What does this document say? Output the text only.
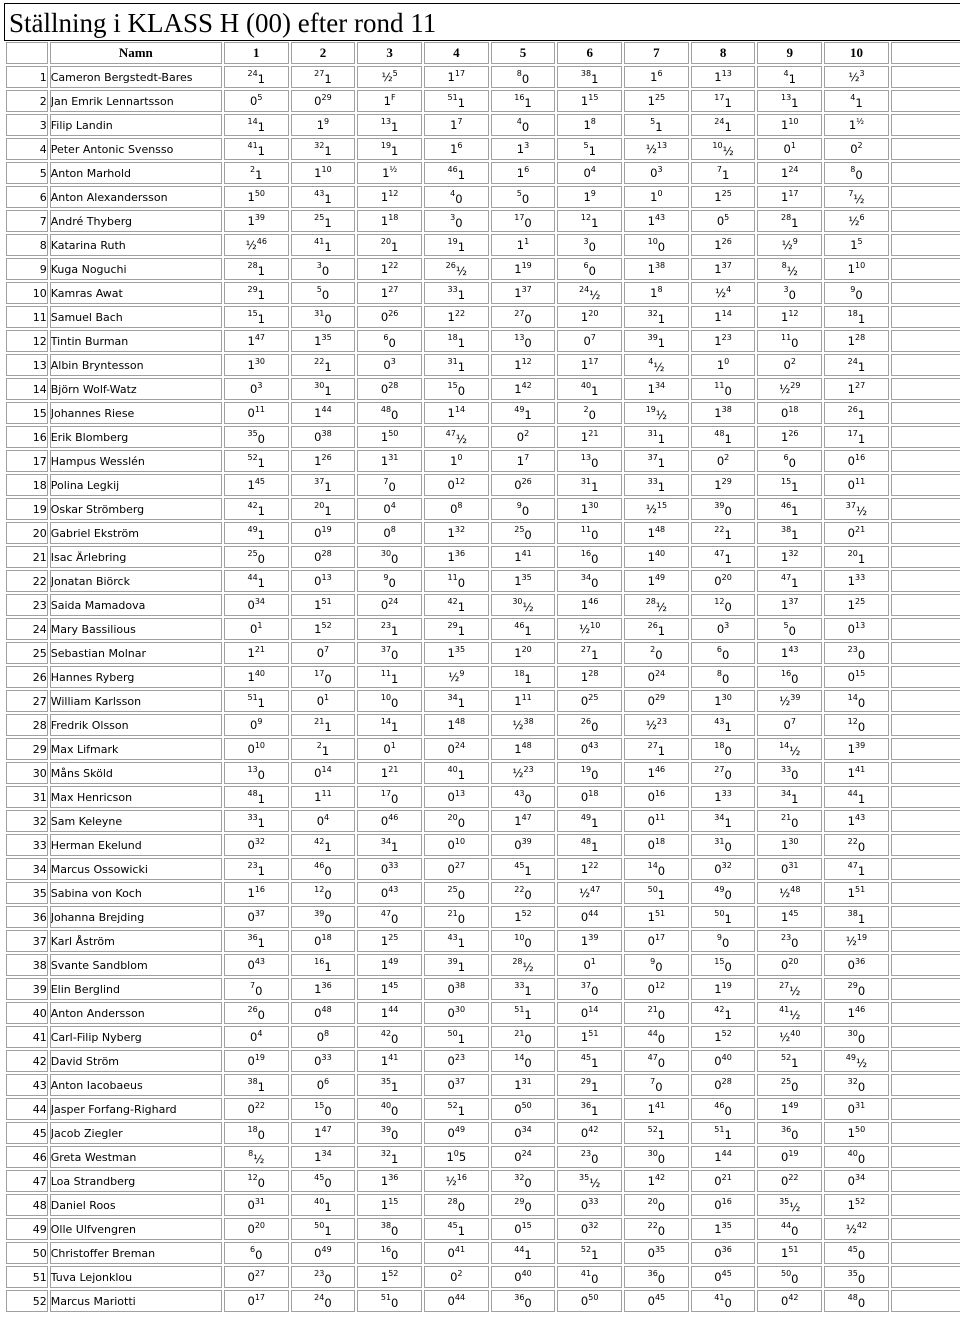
Ställning i KLASS H (00) efter rond 11
	Namn	1	2	3	4	5	6	7	8	9	10	
1	Cameron Bergstedt-Bares	$^{24}_1$	$^{27}_1$	½$^5$	$1^{17}$	$^8_0$	$^{38}_1$	$1^6$	$1^{13}$	$^4_1$	½$^3$	
2	Jan Emrik Lennartsson	$0^5$	$0^{29}$	$1^F$	$^{51}_1$	$^{16}_1$	$1^{15}$	$1^{25}$	$^{17}_1$	$^{13}_1$	$^4_1$	
3	Filip Landin	$^{14}_1$	$1^9$	$^{13}_1$	$1^7$	$^4_0$	$1^8$	$^5_1$	$^{24}_1$	$1^{10}$	$1^{\frac{1}{2}}$	
4	Peter Antonic Svensso	$^{41}_1$	$^{32}_1$	$^{19}_1$	$1^6$	$1^3$	$^5_1$	½$^{13}$	$^{10}_{\frac{1}{2}}$	$0^1$	$0^2$	
5	Anton Marhold	$^2_1$	$1^{10}$	$1^{\frac{1}{2}}$	$^{46}_1$	$1^6$	$0^4$	$0^3$	$^7_1$	$1^{24}$	$^8_0$	
6	Anton Alexandersson	$1^{50}$	$^{43}_1$	$1^{12}$	$^4_0$	$^5_0$	$1^9$	$1^0$	$1^{25}$	$1^{17}$	$^7_{\frac{1}{2}}$	
7	André Thyberg	$1^{39}$	$^{25}_1$	$1^{18}$	$^3_0$	$^{17}_0$	$^{12}_1$	$1^{43}$	$0^5$	$^{28}_1$	½$^6$	
8	Katarina Ruth	½$^{46}$	$^{41}_1$	$^{20}_1$	$^{19}_1$	$1^1$	$^3_0$	$^{10}_0$	$1^{26}$	½$^9$	$1^5$	
9	Kuga Noguchi	$^{28}_1$	$^3_0$	$1^{22}$	$^{26}_{\frac{1}{2}}$	$1^{19}$	$^6_0$	$1^{38}$	$1^{37}$	$^8_{\frac{1}{2}}$	$1^{10}$	
10	Kamras Awat	$^{29}_1$	$^5_0$	$1^{27}$	$^{33}_1$	$1^{37}$	$^{24}_{\frac{1}{2}}$	$1^8$	½$^4$	$^3_0$	$^9_0$	
11	Samuel Bach	$^{15}_1$	$^{31}_0$	$0^{26}$	$1^{22}$	$^{27}_0$	$1^{20}$	$^{32}_1$	$1^{14}$	$1^{12}$	$^{18}_1$	
12	Tintin Burman	$1^{47}$	$1^{35}$	$^6_0$	$^{18}_1$	$^{13}_0$	$0^7$	$^{39}_1$	$1^{23}$	$^{11}_0$	$1^{28}$	
13	Albin Bryntesson	$1^{30}$	$^{22}_1$	$0^3$	$^{31}_1$	$1^{12}$	$1^{17}$	$^4_{\frac{1}{2}}$	$1^0$	$0^2$	$^{24}_1$	
14	Björn Wolf-Watz	$0^3$	$^{30}_1$	$0^{28}$	$^{15}_0$	$1^{42}$	$^{40}_1$	$1^{34}$	$^{11}_0$	½$^{29}$	$1^{27}$	
15	Johannes Riese	$0^{11}$	$1^{44}$	$^{48}_0$	$1^{14}$	$^{49}_1$	$^2_0$	$^{19}_{\frac{1}{2}}$	$1^{38}$	$0^{18}$	$^{26}_1$	
16	Erik Blomberg	$^{35}_0$	$0^{38}$	$1^{50}$	$^{47}_{\frac{1}{2}}$	$0^2$	$1^{21}$	$^{31}_1$	$^{48}_1$	$1^{26}$	$^{17}_1$	
17	Hampus Wesslén	$^{52}_1$	$1^{26}$	$1^{31}$	$1^0$	$1^7$	$^{13}_0$	$^{37}_1$	$0^2$	$^6_0$	$0^{16}$	
18	Polina Legkij	$1^{45}$	$^{37}_1$	$^7_0$	$0^{12}$	$0^{26}$	$^{31}_1$	$^{33}_1$	$1^{29}$	$^{15}_1$	$0^{11}$	
19	Oskar Strömberg	$^{42}_1$	$^{20}_1$	$0^4$	$0^8$	$^9_0$	$1^{30}$	½$^{15}$	$^{39}_0$	$^{46}_1$	$^{37}_{\frac{1}{2}}$	
20	Gabriel Ekström	$^{49}_1$	$0^{19}$	$0^8$	$1^{32}$	$^{25}_0$	$^{11}_0$	$1^{48}$	$^{22}_1$	$^{38}_1$	$0^{21}$	
21	Isac Ärlebring	$^{25}_0$	$0^{28}$	$^{30}_0$	$1^{36}$	$1^{41}$	$^{16}_0$	$1^{40}$	$^{47}_1$	$1^{32}$	$^{20}_1$	
22	Jonatan Biörck	$^{44}_1$	$0^{13}$	$^9_0$	$^{11}_0$	$1^{35}$	$^{34}_0$	$1^{49}$	$0^{20}$	$^{47}_1$	$1^{33}$	
23	Saida Mamadova	$0^{34}$	$1^{51}$	$0^{24}$	$^{42}_1$	$^{30}_{\frac{1}{2}}$	$1^{46}$	$^{28}_{\frac{1}{2}}$	$^{12}_0$	$1^{37}$	$1^{25}$	
24	Mary Bassilious	$0^1$	$1^{52}$	$^{23}_1$	$^{29}_1$	$^{46}_1$	½$^{10}$	$^{26}_1$	$0^3$	$^5_0$	$0^{13}$	
25	Sebastian Molnar	$1^{21}$	$0^7$	$^{37}_0$	$1^{35}$	$1^{20}$	$^{27}_1$	$^2_0$	$^6_0$	$1^{43}$	$^{23}_0$	
26	Hannes Ryberg	$1^{40}$	$^{17}_0$	$^{11}_1$	½$^9$	$^{18}_1$	$1^{28}$	$0^{24}$	$^8_0$	$^{16}_0$	$0^{15}$	
27	William Karlsson	$^{51}_1$	$0^1$	$^{10}_0$	$^{34}_1$	$1^{11}$	$0^{25}$	$0^{29}$	$1^{30}$	½$^{39}$	$^{14}_0$	
28	Fredrik Olsson	$0^9$	$^{21}_1$	$^{14}_1$	$1^{48}$	½$^{38}$	$^{26}_0$	½$^{23}$	$^{43}_1$	$0^7$	$^{12}_0$	
29	Max Lifmark	$0^{10}$	$^2_1$	$0^1$	$0^{24}$	$1^{48}$	$0^{43}$	$^{27}_1$	$^{18}_0$	$^{14}_{\frac{1}{2}}$	$1^{39}$	
30	Måns Sköld	$^{13}_0$	$0^{14}$	$1^{21}$	$^{40}_1$	½$^{23}$	$^{19}_0$	$1^{46}$	$^{27}_0$	$^{33}_0$	$1^{41}$	
31	Max Henricson	$^{48}_1$	$1^{11}$	$^{17}_0$	$0^{13}$	$^{43}_0$	$0^{18}$	$0^{16}$	$1^{33}$	$^{34}_1$	$^{44}_1$	
32	Sam Keleyne	$^{33}_1$	$0^4$	$0^{46}$	$^{20}_0$	$1^{47}$	$^{49}_1$	$0^{11}$	$^{34}_1$	$^{21}_0$	$1^{43}$	
33	Herman Ekelund	$0^{32}$	$^{42}_1$	$^{34}_1$	$0^{10}$	$0^{39}$	$^{48}_1$	$0^{18}$	$^{31}_0$	$1^{30}$	$^{22}_0$	
34	Marcus Ossowicki	$^{23}_1$	$^{46}_0$	$0^{33}$	$0^{27}$	$^{45}_1$	$1^{22}$	$^{14}_0$	$0^{32}$	$0^{31}$	$^{47}_1$	
35	Sabina von Koch	$1^{16}$	$^{12}_0$	$0^{43}$	$^{25}_0$	$^{22}_0$	½$^{47}$	$^{50}_1$	$^{49}_0$	½$^{48}$	$1^{51}$	
36	Johanna Brejding	$0^{37}$	$^{39}_0$	$^{47}_0$	$^{21}_0$	$1^{52}$	$0^{44}$	$1^{51}$	$^{50}_1$	$1^{45}$	$^{38}_1$	
37	Karl Åström	$^{36}_1$	$0^{18}$	$1^{25}$	$^{43}_1$	$^{10}_0$	$1^{39}$	$0^{17}$	$^9_0$	$^{23}_0$	½$^{19}$	
38	Svante Sandblom	$0^{43}$	$^{16}_1$	$1^{49}$	$^{39}_1$	$^{28}_{\frac{1}{2}}$	$0^1$	$^9_0$	$^{15}_0$	$0^{20}$	$0^{36}$	
39	Elin Berglind	$^7_0$	$1^{36}$	$1^{45}$	$0^{38}$	$^{33}_1$	$^{37}_0$	$0^{12}$	$1^{19}$	$^{27}_{\frac{1}{2}}$	$^{29}_0$	
40	Anton Andersson	$^{26}_0$	$0^{48}$	$1^{44}$	$0^{30}$	$^{51}_1$	$0^{14}$	$^{21}_0$	$^{42}_1$	$^{41}_{\frac{1}{2}}$	$1^{46}$	
41	Carl-Filip Nyberg	$0^4$	$0^8$	$^{42}_0$	$^{50}_1$	$^{21}_0$	$1^{51}$	$^{44}_0$	$1^{52}$	½$^{40}$	$^{30}_0$	
42	David Ström	$0^{19}$	$0^{33}$	$1^{41}$	$0^{23}$	$^{14}_0$	$^{45}_1$	$^{47}_0$	$0^{40}$	$^{52}_1$	$^{49}_{\frac{1}{2}}$	
43	Anton Iacobaeus	$^{38}_1$	$0^6$	$^{35}_1$	$0^{37}$	$1^{31}$	$^{29}_1$	$^7_0$	$0^{28}$	$^{25}_0$	$^{32}_0$	
44	Jasper Forfang-Righard	$0^{22}$	$^{15}_0$	$^{40}_0$	$^{52}_1$	$0^{50}$	$^{36}_1$	$1^{41}$	$^{46}_0$	$1^{49}$	$0^{31}$	
45	Jacob Ziegler	$^{18}_0$	$1^{47}$	$^{39}_0$	$0^{49}$	$0^{34}$	$0^{42}$	$^{52}_1$	$^{51}_1$	$^{36}_0$	$1^{50}$	
46	Greta Westman	$^8_{\frac{1}{2}}$	$1^{34}$	$^{32}_1$	$1^05$	$0^{24}$	$^{23}_0$	$^{30}_0$	$1^{44}$	$0^{19}$	$^{40}_0$	
47	Loa Strandberg	$^{12}_0$	$^{45}_0$	$1^{36}$	½$^{16}$	$^{32}_0$	$^{35}_{\frac{1}{2}}$	$1^{42}$	$0^{21}$	$0^{22}$	$0^{34}$	
48	Daniel Roos	$0^{31}$	$^{40}_1$	$1^{15}$	$^{28}_0$	$^{29}_0$	$0^{33}$	$^{20}_0$	$0^{16}$	$^{35}_{\frac{1}{2}}$	$1^{52}$	
49	Olle Ulfvengren	$0^{20}$	$^{50}_1$	$^{38}_0$	$^{45}_1$	$0^{15}$	$0^{32}$	$^{22}_0$	$1^{35}$	$^{44}_0$	½$^{42}$	
50	Christoffer Breman	$^6_0$	$0^{49}$	$^{16}_0$	$0^{41}$	$^{44}_1$	$^{52}_1$	$0^{35}$	$0^{36}$	$1^{51}$	$^{45}_0$	
51	Tuva Lejonklou	$0^{27}$	$^{23}_0$	$1^{52}$	$0^2$	$0^{40}$	$^{41}_0$	$^{36}_0$	$0^{45}$	$^{50}_0$	$^{35}_0$	
52	Marcus Mariotti	$0^{17}$	$^{24}_0$	$^{51}_0$	$0^{44}$	$^{36}_0$	$0^{50}$	$0^{45}$	$^{41}_0$	$0^{42}$	$^{48}_0$	
